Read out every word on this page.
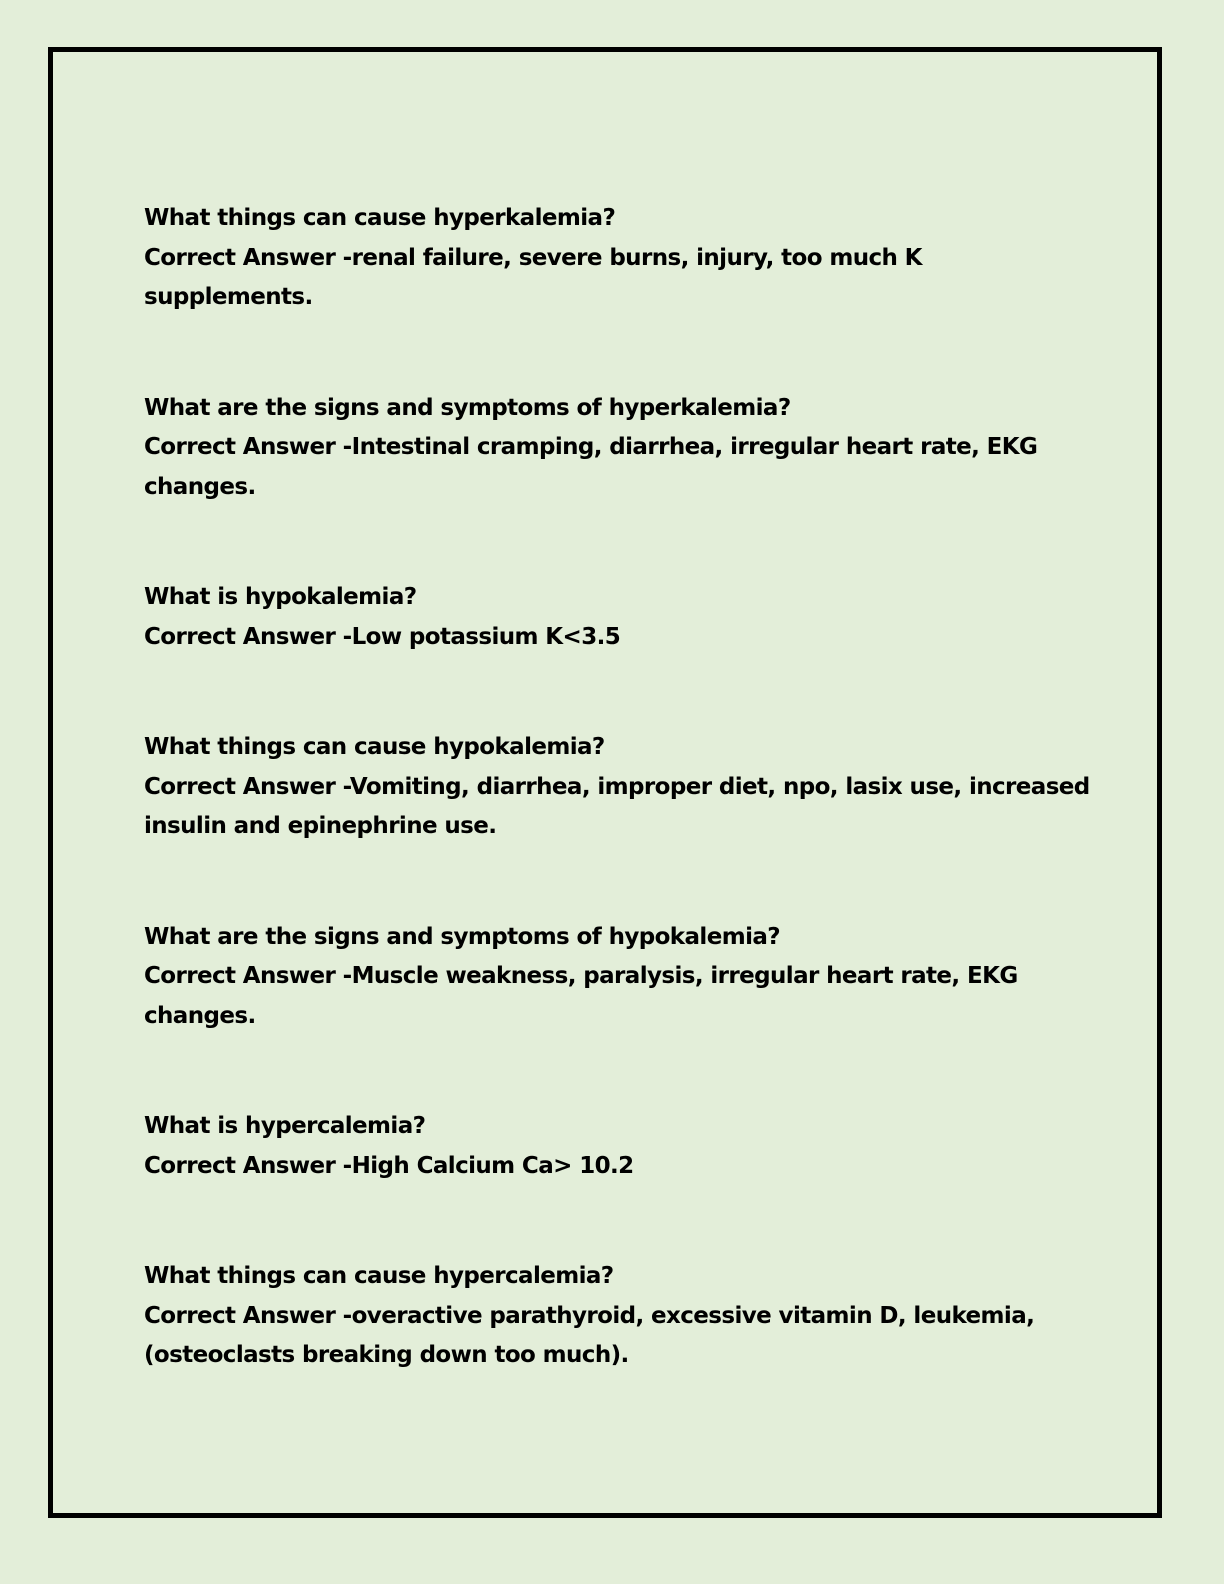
What things can cause hyperkalemia?
Correct Answer -renal failure, severe burns, injury, too much K supplements.
What are the signs and symptoms of hyperkalemia?
Correct Answer -Intestinal cramping, diarrhea, irregular heart rate, EKG changes.
What is hypokalemia?
Correct Answer -Low potassium K<3.5
What things can cause hypokalemia?
Correct Answer -Vomiting, diarrhea, improper diet, npo, lasix use, increased insulin and epinephrine use.
What are the signs and symptoms of hypokalemia?
Correct Answer -Muscle weakness, paralysis, irregular heart rate, EKG changes.
What is hypercalemia?
Correct Answer -High Calcium Ca> 10.2
What things can cause hypercalemia?
Correct Answer -overactive parathyroid, excessive vitamin D, leukemia, (osteoclasts breaking down too much).
